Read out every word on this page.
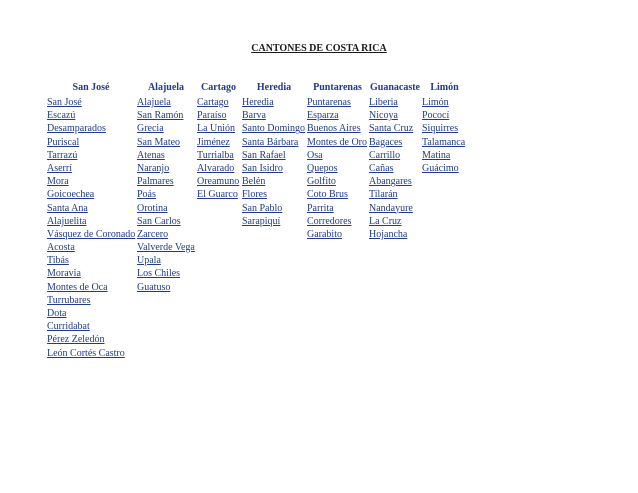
CANTONES DE COSTA RICA
San José
San José
Escazú
Desamparados
Puriscal
Tarrazú
Aserrí
Mora
Goicoechea
Santa Ana
Alajuelita
Vásquez de Coronado
Acosta
Tibás
Moravia
Montes de Oca
Turrubares
Dota
Curridabat
Pérez Zeledón
León Cortés Castro
Alajuela
Alajuela
San Ramón
Grecia
San Mateo
Atenas
Naranjo
Palmares
Poás
Orotina
San Carlos
Zarcero
Valverde Vega
Upala
Los Chiles
Guatuso
Cartago
Cartago
Paraíso
La Unión
Jiménez
Turrialba
Alvarado
Oreamuno
El Guarco
Heredia
Heredia
Barva
Santo Domingo
Santa Bárbara
San Rafael
San Isidro
Belén
Flores
San Pablo
Sarapiquí
Puntarenas
Puntarenas
Esparza
Buenos Aires
Montes de Oro
Osa
Quepos
Golfito
Coto Brus
Parrita
Corredores
Garabito
Guanacaste
Liberia
Nicoya
Santa Cruz
Bagaces
Carrillo
Cañas
Abangares
Tilarán
Nandayure
La Cruz
Hojancha
Limón
Limón
Pococí
Siquirres
Talamanca
Matina
Guácimo
